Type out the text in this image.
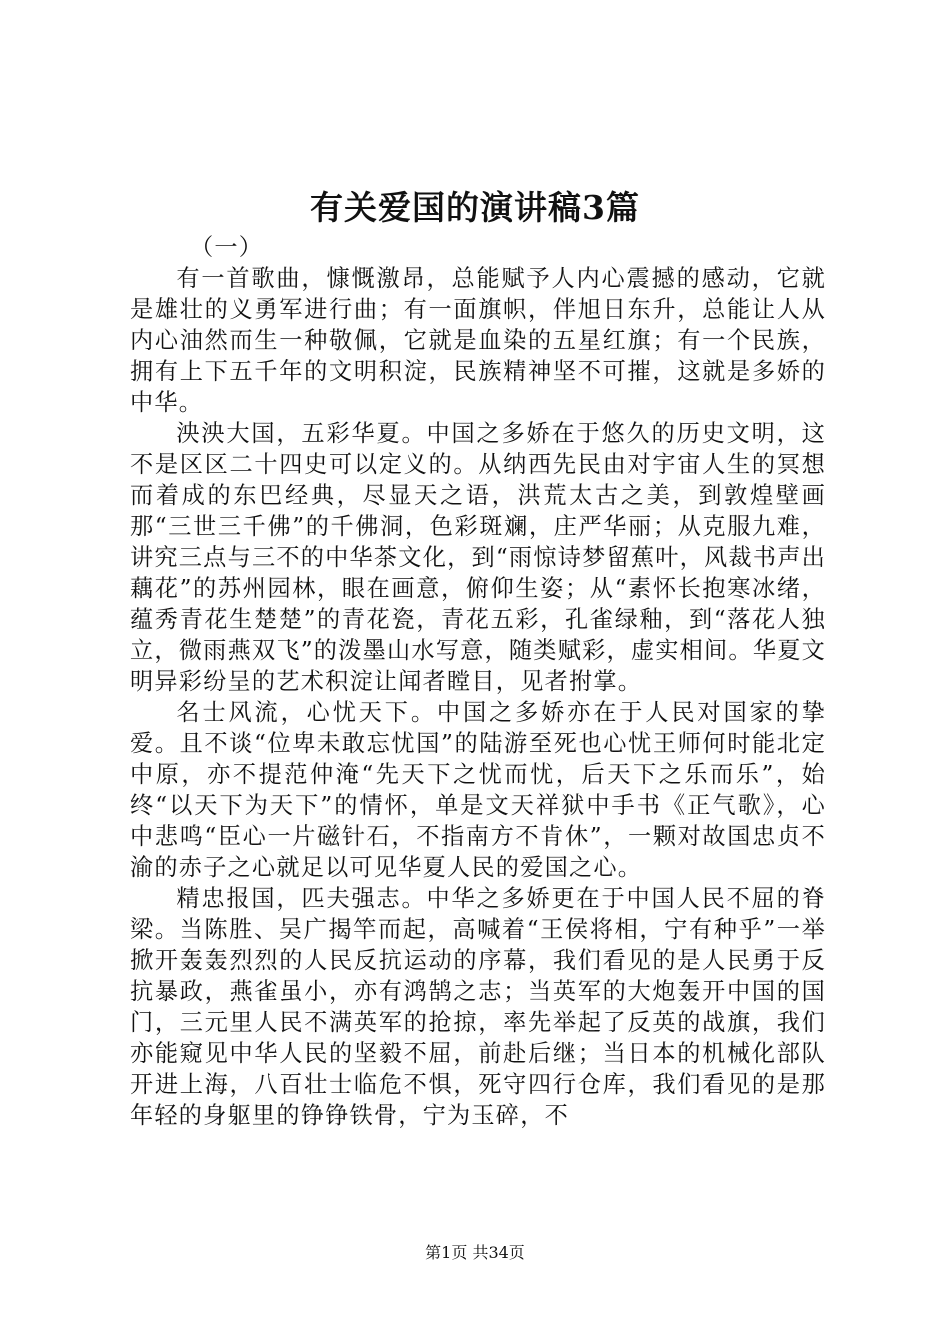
有关爱国的演讲稿3篇

（一）

有一首歌曲，慷慨激昂，总能赋予人内心震撼的感动，它就是雄壮的义勇军进行曲；有一面旗帜，伴旭日东升，总能让人从内心油然而生一种敬佩，它就是血染的五星红旗；有一个民族，拥有上下五千年的文明积淀，民族精神坚不可摧，这就是多娇的中华。

泱泱大国，五彩华夏。中国之多娇在于悠久的历史文明，这不是区区二十四史可以定义的。从纳西先民由对宇宙人生的冥想而着成的东巴经典，尽显天之语，洪荒太古之美，到敦煌壁画那“三世三千佛”的千佛洞，色彩斑斓，庄严华丽；从克服九难，讲究三点与三不的中华茶文化，到“雨惊诗梦留蕉叶，风裁书声出藕花”的苏州园林，眼在画意，俯仰生姿；从“素怀长抱寒冰绪，蕴秀青花生楚楚”的青花瓷，青花五彩，孔雀绿釉，到“落花人独立，微雨燕双飞”的泼墨山水写意，随类赋彩，虚实相间。华夏文明异彩纷呈的艺术积淀让闻者瞠目，见者拊掌。

名士风流，心忧天下。中国之多娇亦在于人民对国家的挚爱。且不谈“位卑未敢忘忧国”的陆游至死也心忧王师何时能北定中原，亦不提范仲淹“先天下之忧而忧，后天下之乐而乐”，始终“以天下为天下”的情怀，单是文天祥狱中手书《正气歌》，心中悲鸣“臣心一片磁针石，不指南方不肯休”，一颗对故国忠贞不渝的赤子之心就足以可见华夏人民的爱国之心。

精忠报国，匹夫强志。中华之多娇更在于中国人民不屈的脊梁。当陈胜、吴广揭竿而起，高喊着“王侯将相，宁有种乎”一举掀开轰轰烈烈的人民反抗运动的序幕，我们看见的是人民勇于反抗暴政，燕雀虽小，亦有鸿鹄之志；当英军的大炮轰开中国的国门，三元里人民不满英军的抢掠，率先举起了反英的战旗，我们亦能窥见中华人民的坚毅不屈，前赴后继；当日本的机械化部队开进上海，八百壮士临危不惧，死守四行仓库，我们看见的是那年轻的身躯里的铮铮铁骨，宁为玉碎，不

第1页 共34页
